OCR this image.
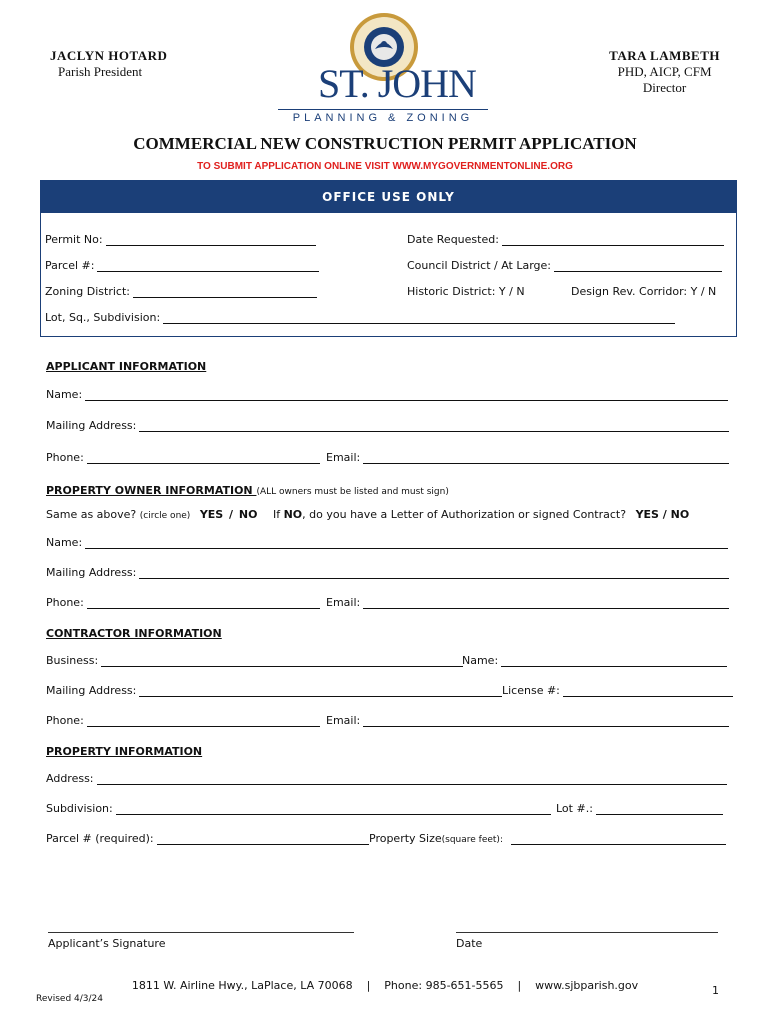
JACLYN HOTARD
Parish President
TARA LAMBETH
PHD, AICP, CFM
Director
ST. JOHN
PLANNING & ZONING
COMMERCIAL NEW CONSTRUCTION PERMIT APPLICATION
TO SUBMIT APPLICATION ONLINE VISIT WWW.MYGOVERNMENTONLINE.ORG
OFFICE USE ONLY
Permit No:	Date Requested:
Parcel #:	Council District / At Large:
Zoning District:	Historic District: Y / N	Design Rev. Corridor: Y / N
Lot, Sq., Subdivision:
APPLICANT INFORMATION
Name:
Mailing Address:
Phone:	Email:
PROPERTY OWNER INFORMATION (ALL owners must be listed and must sign)
Same as above? (circle one) YES / NO If NO, do you have a Letter of Authorization or signed Contract? YES / NO
Name:
Mailing Address:
Phone:	Email:
CONTRACTOR INFORMATION
Business:	Name:
Mailing Address:	License #:
Phone:	Email:
PROPERTY INFORMATION
Address:
Subdivision:	Lot #.:
Parcel # (required):	Property Size (square feet):
Applicant’s Signature	Date
1811 W. Airline Hwy., LaPlace, LA 70068    |    Phone: 985-651-5565    |    www.sjbparish.gov
Revised 4/3/24
1
